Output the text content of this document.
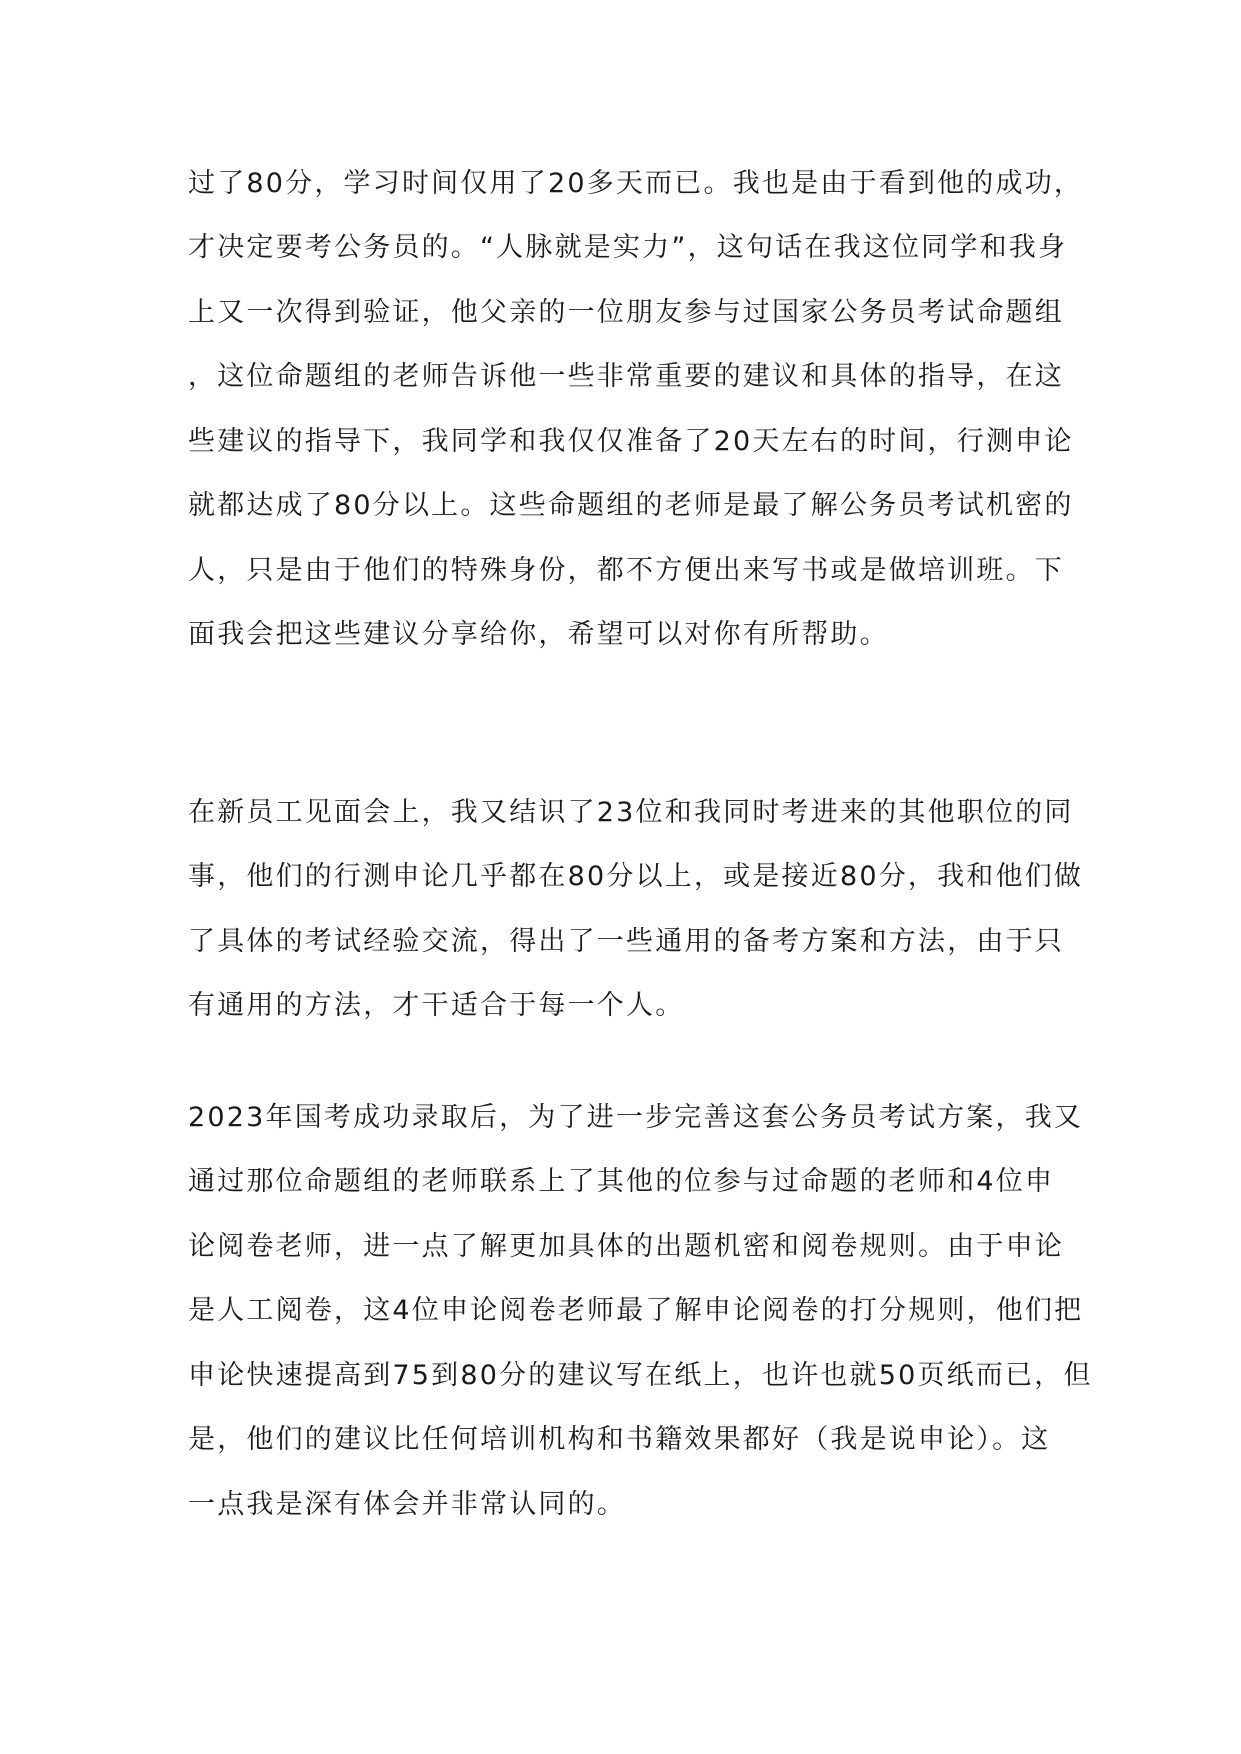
过了80分，学习时间仅用了20多天而已。我也是由于看到他的成功，
才决定要考公务员的。“人脉就是实力”，这句话在我这位同学和我身
上又一次得到验证，他父亲的一位朋友参与过国家公务员考试命题组
，这位命题组的老师告诉他一些非常重要的建议和具体的指导，在这
些建议的指导下，我同学和我仅仅准备了20天左右的时间，行测申论
就都达成了80分以上。这些命题组的老师是最了解公务员考试机密的
人，只是由于他们的特殊身份，都不方便出来写书或是做培训班。下
面我会把这些建议分享给你，希望可以对你有所帮助。
在新员工见面会上，我又结识了23位和我同时考进来的其他职位的同
事，他们的行测申论几乎都在80分以上，或是接近80分，我和他们做
了具体的考试经验交流，得出了一些通用的备考方案和方法，由于只
有通用的方法，才干适合于每一个人。
2023年国考成功录取后，为了进一步完善这套公务员考试方案，我又
通过那位命题组的老师联系上了其他的位参与过命题的老师和4位申
论阅卷老师，进一点了解更加具体的出题机密和阅卷规则。由于申论
是人工阅卷，这4位申论阅卷老师最了解申论阅卷的打分规则，他们把
申论快速提高到75到80分的建议写在纸上，也许也就50页纸而已，但
是，他们的建议比任何培训机构和书籍效果都好（我是说申论）。这
一点我是深有体会并非常认同的。
